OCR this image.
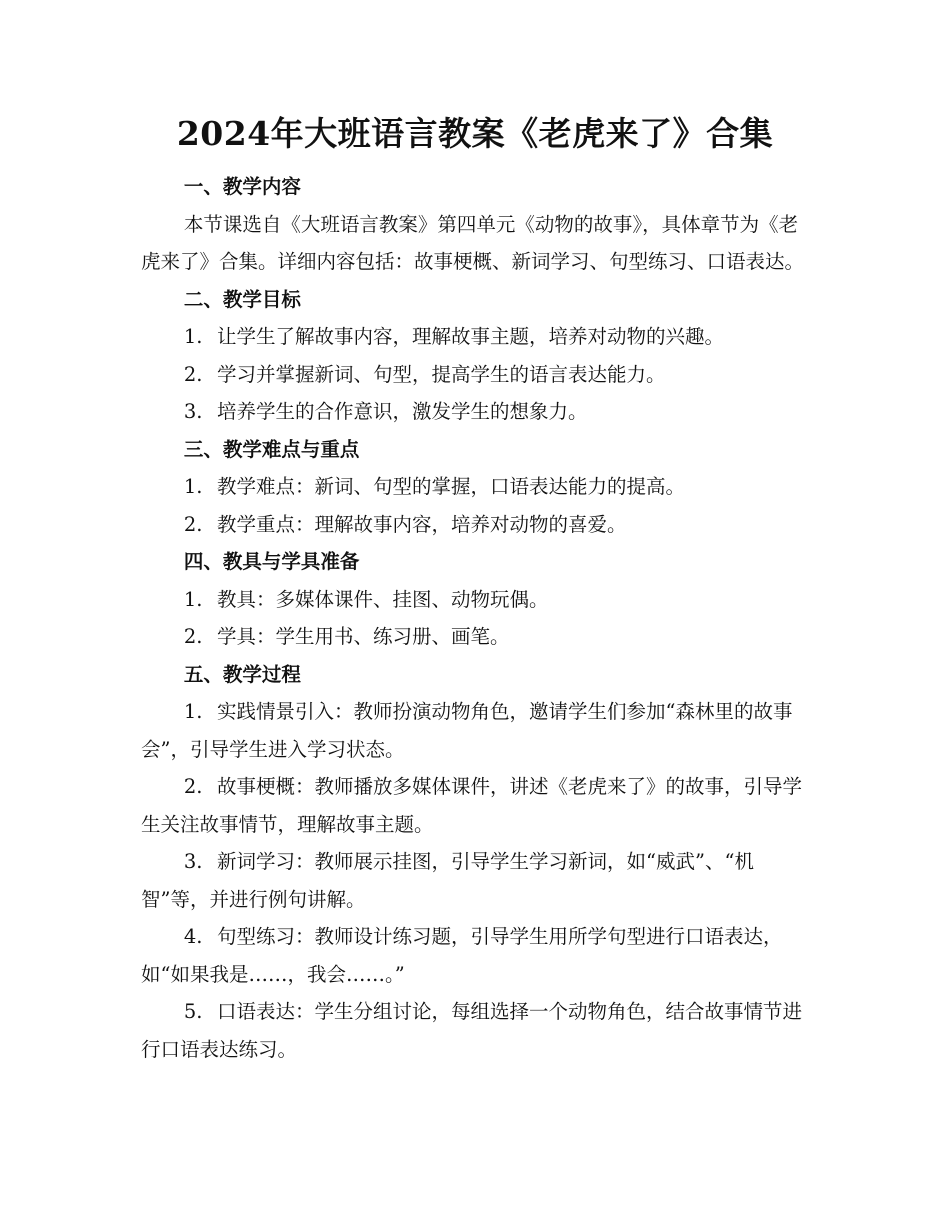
2024年大班语言教案《老虎来了》合集

一、教学内容

本节课选自《大班语言教案》第四单元《动物的故事》，具体章节为《老虎来了》合集。详细内容包括：故事梗概、新词学习、句型练习、口语表达。

二、教学目标

1. 让学生了解故事内容，理解故事主题，培养对动物的兴趣。

2. 学习并掌握新词、句型，提高学生的语言表达能力。

3. 培养学生的合作意识，激发学生的想象力。

三、教学难点与重点

1. 教学难点：新词、句型的掌握，口语表达能力的提高。

2. 教学重点：理解故事内容，培养对动物的喜爱。

四、教具与学具准备

1. 教具：多媒体课件、挂图、动物玩偶。

2. 学具：学生用书、练习册、画笔。

五、教学过程

1. 实践情景引入：教师扮演动物角色，邀请学生们参加“森林里的故事会”，引导学生进入学习状态。

2. 故事梗概：教师播放多媒体课件，讲述《老虎来了》的故事，引导学生关注故事情节，理解故事主题。

3. 新词学习：教师展示挂图，引导学生学习新词，如“威武”、“机智”等，并进行例句讲解。

4. 句型练习：教师设计练习题，引导学生用所学句型进行口语表达，如“如果我是……，我会……。”

5. 口语表达：学生分组讨论，每组选择一个动物角色，结合故事情节进行口语表达练习。
